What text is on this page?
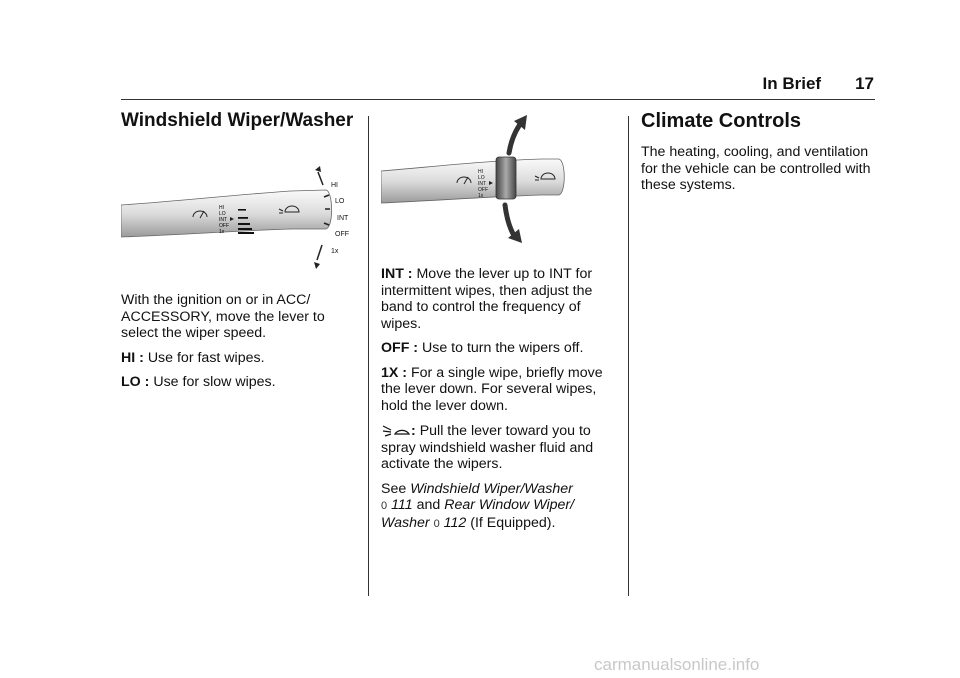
In Brief 17
Windshield Wiper/Washer
HI
LO
INT
OFF
1x
HI
LO
INT
OFF
1x

With the ignition on or in ACC/ ACCESSORY, move the lever to select the wiper speed.

HI : Use for fast wipes.

LO : Use for slow wipes.

HI
LO
INT
OFF
1x

INT : Move the lever up to INT for intermittent wipes, then adjust the band to control the frequency of wipes.

OFF : Use to turn the wipers off.

1X : For a single wipe, briefly move the lever down. For several wipes, hold the lever down.

: Pull the lever toward you to spray windshield washer fluid and activate the wipers.

See Windshield Wiper/Washer
0 111 and Rear Window Wiper/ Washer 0 112 (If Equipped).

Climate Controls

The heating, cooling, and ventilation for the vehicle can be controlled with these systems.

carmanualsonline.info
